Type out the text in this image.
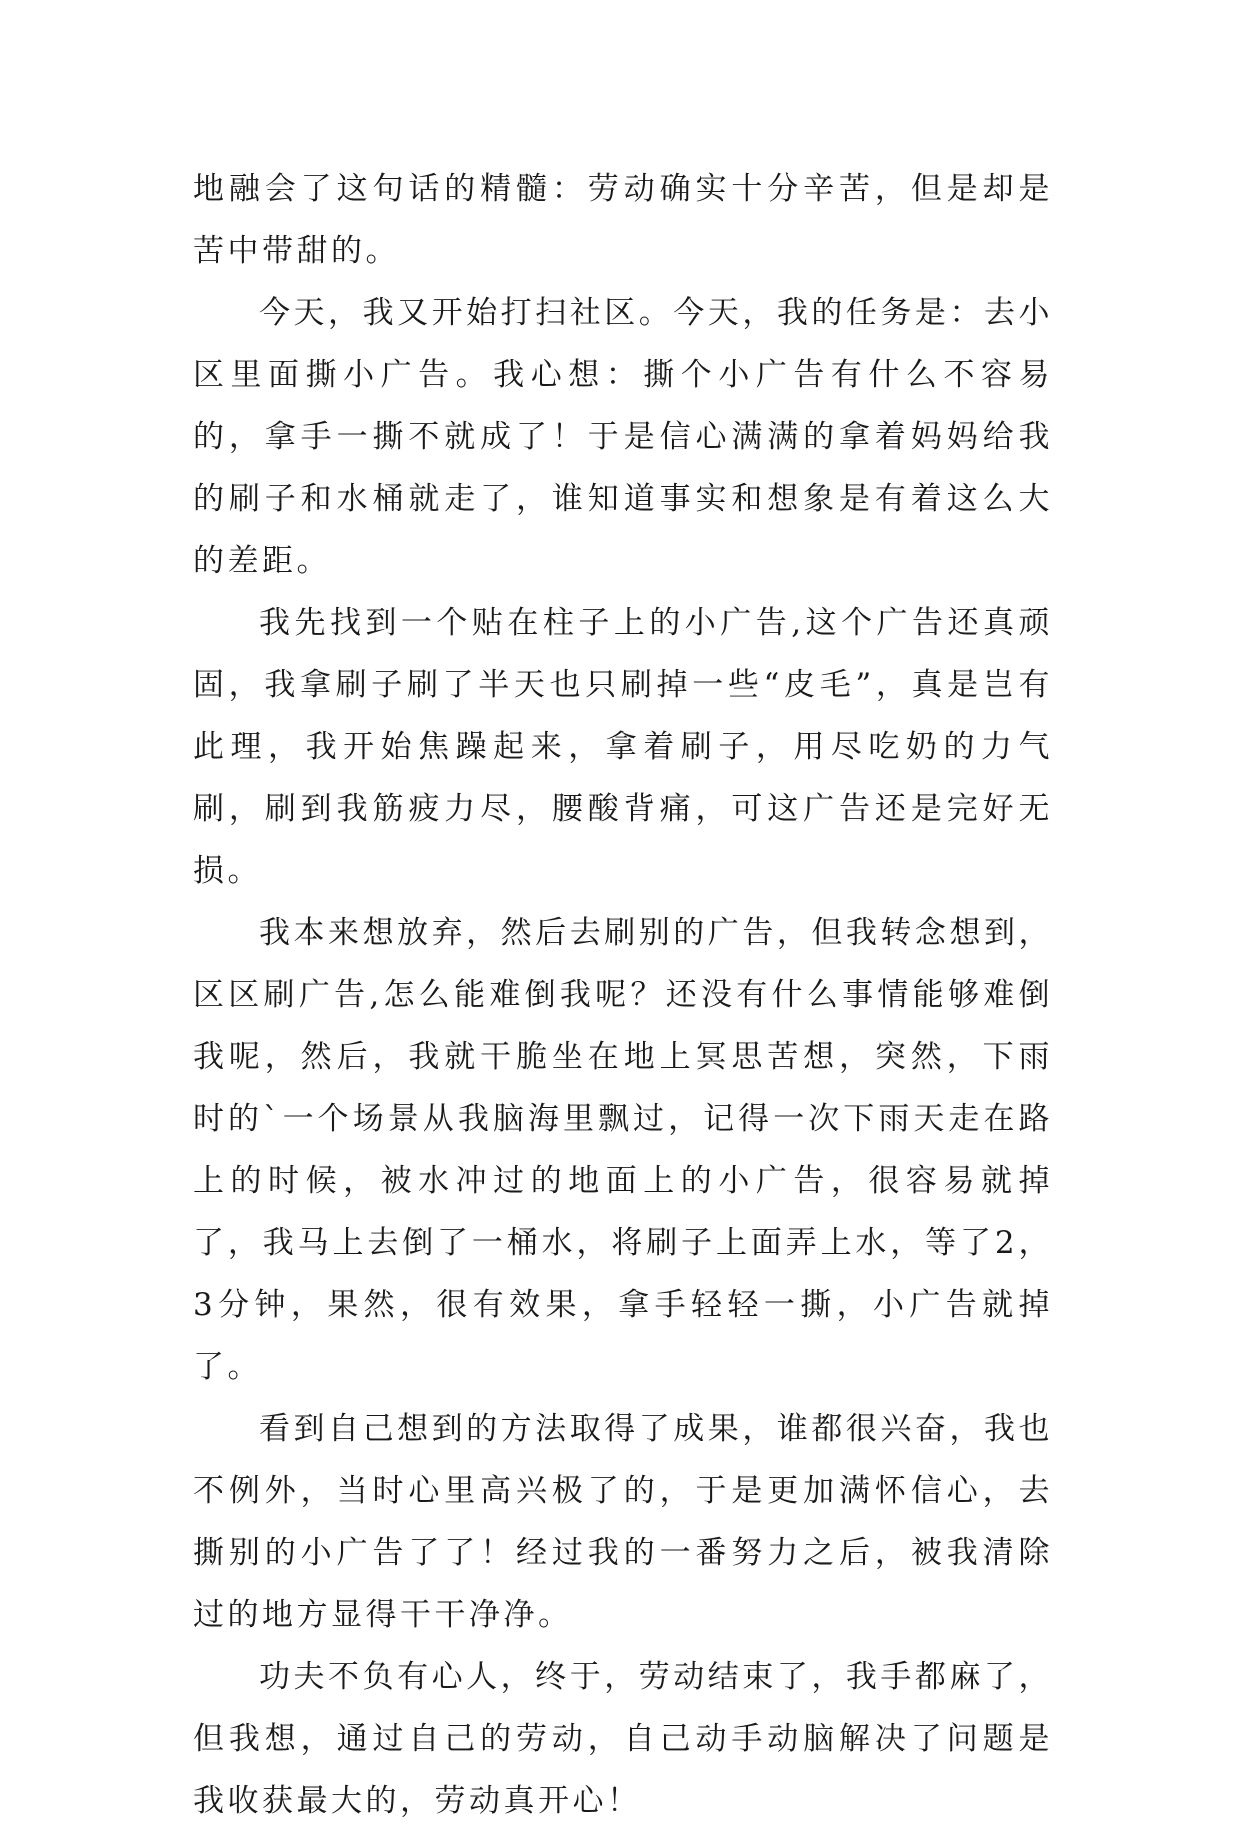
地融会了这句话的精髓：劳动确实十分辛苦，但是却是苦中带甜的。

今天，我又开始打扫社区。今天，我的任务是：去小区里面撕小广告。我心想：撕个小广告有什么不容易的，拿手一撕不就成了！于是信心满满的拿着妈妈给我的刷子和水桶就走了，谁知道事实和想象是有着这么大的差距。

我先找到一个贴在柱子上的小广告,这个广告还真顽固，我拿刷子刷了半天也只刷掉一些“皮毛”，真是岂有此理，我开始焦躁起来，拿着刷子，用尽吃奶的力气刷，刷到我筋疲力尽，腰酸背痛，可这广告还是完好无损。

我本来想放弃，然后去刷别的广告，但我转念想到，区区刷广告,怎么能难倒我呢？还没有什么事情能够难倒我呢，然后，我就干脆坐在地上冥思苦想，突然，下雨时的`一个场景从我脑海里飘过，记得一次下雨天走在路上的时候，被水冲过的地面上的小广告，很容易就掉了，我马上去倒了一桶水，将刷子上面弄上水，等了2，3分钟，果然，很有效果，拿手轻轻一撕，小广告就掉了。

看到自己想到的方法取得了成果，谁都很兴奋，我也不例外，当时心里高兴极了的，于是更加满怀信心，去撕别的小广告了了！经过我的一番努力之后，被我清除过的地方显得干干净净。

功夫不负有心人，终于，劳动结束了，我手都麻了，但我想，通过自己的劳动，自己动手动脑解决了问题是我收获最大的，劳动真开心！
